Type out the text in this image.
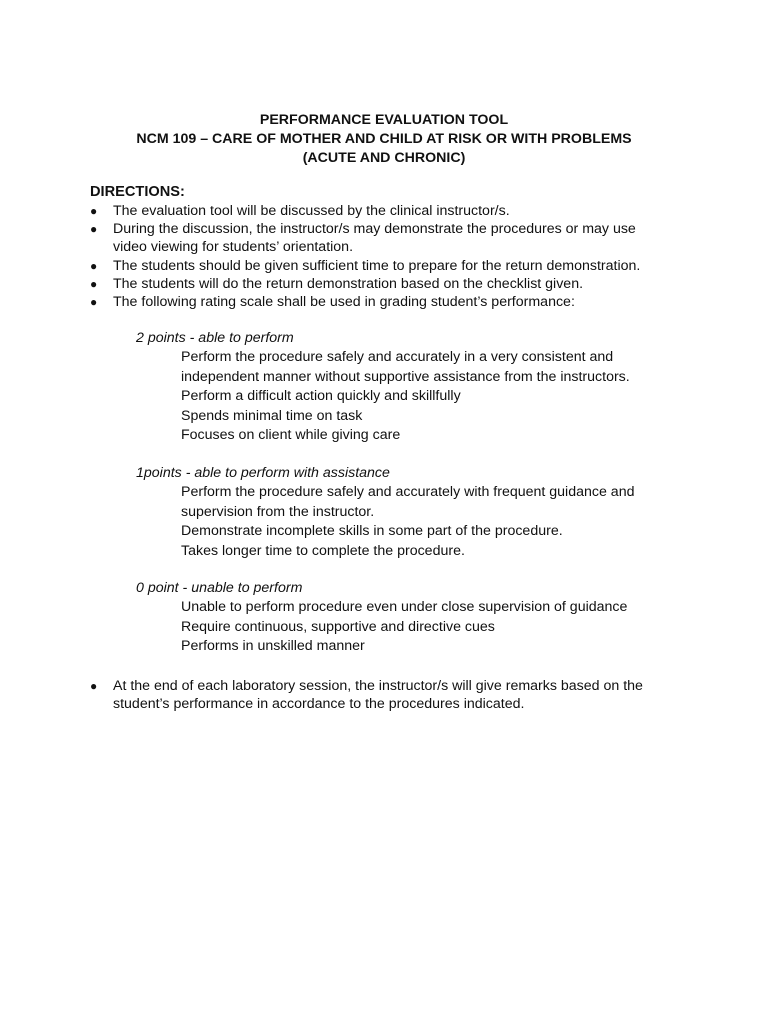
PERFORMANCE EVALUATION TOOL
NCM 109 – CARE OF MOTHER AND CHILD AT RISK OR WITH PROBLEMS
(ACUTE AND CHRONIC)
DIRECTIONS:
● The evaluation tool will be discussed by the clinical instructor/s.
● During the discussion, the instructor/s may demonstrate the procedures or may use
video viewing for students’ orientation.
● The students should be given sufficient time to prepare for the return demonstration.
● The students will do the return demonstration based on the checklist given.
● The following rating scale shall be used in grading student’s performance:
2 points - able to perform
Perform the procedure safely and accurately in a very consistent and
independent manner without supportive assistance from the instructors.
Perform a difficult action quickly and skillfully
Spends minimal time on task
Focuses on client while giving care
1points - able to perform with assistance
Perform the procedure safely and accurately with frequent guidance and
supervision from the instructor.
Demonstrate incomplete skills in some part of the procedure.
Takes longer time to complete the procedure.
0 point - unable to perform
Unable to perform procedure even under close supervision of guidance
Require continuous, supportive and directive cues
Performs in unskilled manner
● At the end of each laboratory session, the instructor/s will give remarks based on the
student’s performance in accordance to the procedures indicated.
